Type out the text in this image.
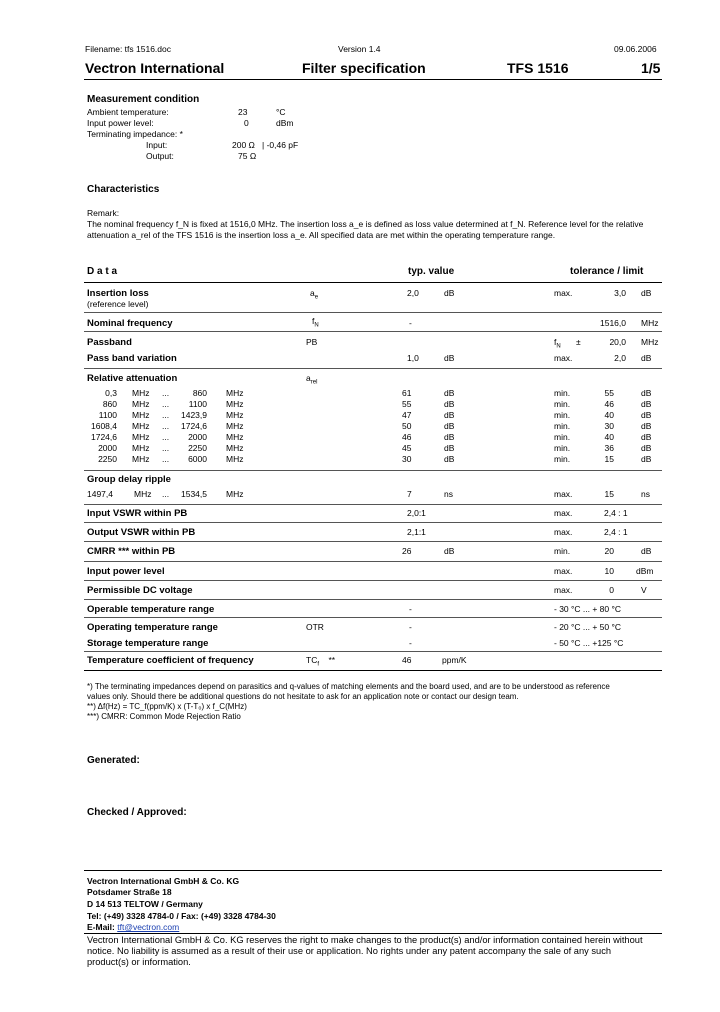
Filename: tfs 1516.doc	Version 1.4	09.06.2006
Vectron International	Filter specification	TFS 1516	1/5
Measurement condition
Ambient temperature:	23	°C
Input power level:	0	dBm
Terminating impedance: *
Input:	200 Ω | -0,46 pF
Output:	75 Ω
Characteristics
Remark:
The nominal frequency f_N is fixed at 1516,0 MHz. The insertion loss a_e is defined as loss value determined at f_N. Reference level for the relative
attenuation a_rel of the TFS 1516 is the insertion loss a_e. All specified data are met within the operating temperature range.
D a t a	typ. value	tolerance / limit
Insertion loss
(reference level)
$a_e$	2,0	dB	max.	3,0 dB
Nominal frequency	$f_N$	-	1516,0 MHz
Passband	PB	$f_N$ ±	20,0 MHz
Pass band variation	1,0	dB	max.	2,0 dB
Relative attenuation	$a_{rel}$
0,3 MHz ...	860 MHz	61	dB	min.	55	dB
860 MHz ...	1100 MHz	55	dB	min.	46	dB
1100 MHz ...	1423,9 MHz	47	dB	min.	40	dB
1608,4 MHz ...	1724,6 MHz	50	dB	min.	30	dB
1724,6 MHz ...	2000 MHz	46	dB	min.	40	dB
2000 MHz ...	2250 MHz	45	dB	min.	36	dB
2250 MHz ...	6000 MHz	30	dB	min.	15	dB
Group delay ripple
1497,4 MHz ... 1534,5 MHz	7	ns	max.	15	ns
Input VSWR within PB	2,0:1	max.	2,4 : 1
Output VSWR within PB	2,1:1	max.	2,4 : 1
CMRR *** within PB	26	dB	min.	20	dB
Input power level	max.	10	dBm
Permissible DC voltage	max.	0	V
Operable temperature range	-	- 30 °C ... + 80 °C
Operating temperature range	OTR	-	- 20 °C ... + 50 °C
Storage temperature range	-	- 50 °C ... +125 °C
Temperature coefficient of frequency	$TC_f$ **	46	ppm/K
*) The terminating impedances depend on parasitics and q-values of matching elements and the board used, and are to be understood as reference
values only. Should there be additional questions do not hesitate to ask for an application note or contact our design team.
**) Δf(Hz) = TC_f(ppm/K) x (T-T₀) x f_C(MHz)
***) CMRR: Common Mode Rejection Ratio
Generated:
Checked / Approved:
Vectron International GmbH & Co. KG
Potsdamer Straße 18
D 14 513 TELTOW / Germany
Tel: (+49) 3328 4784-0 / Fax: (+49) 3328 4784-30
E-Mail: tft@vectron.com
Vectron International GmbH & Co. KG reserves the right to make changes to the product(s) and/or information contained herein without
notice. No liability is assumed as a result of their use or application. No rights under any patent accompany the sale of any such
product(s) or information.
